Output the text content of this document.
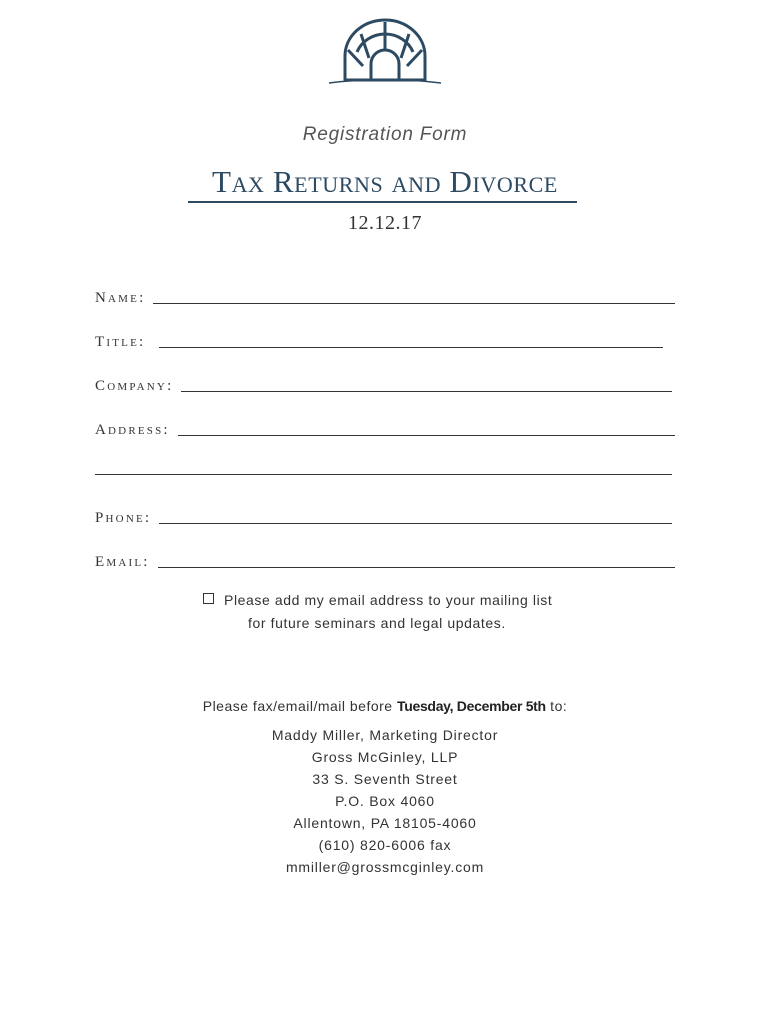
Registration Form
Tax Returns and Divorce
12.12.17
Name:
Title:
Company:
Address:
Phone:
Email:
Please add my email address to your mailing list
for future seminars and legal updates.
Please fax/email/mail before Tuesday, December 5th to:
Maddy Miller, Marketing Director
Gross McGinley, LLP
33 S. Seventh Street
P.O. Box 4060
Allentown, PA 18105-4060
(610) 820-6006 fax
mmiller@grossmcginley.com
